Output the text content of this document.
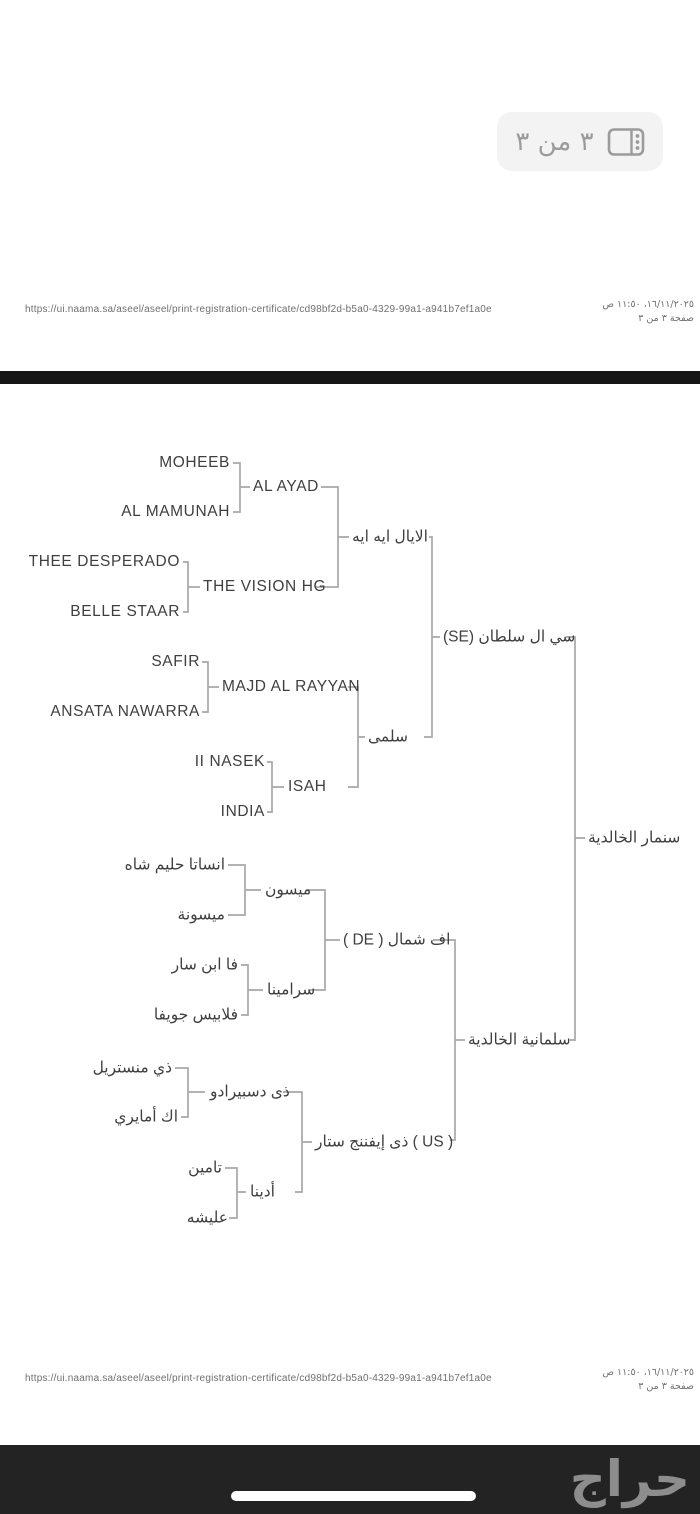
٣ من ٣
https://ui.naama.sa/aseel/aseel/print-registration-certificate/cd98bf2d-b5a0-4329-99a1-a941b7ef1a0e	١٦/١١/٢٠٢٥، ١١:٥٠ ص
صفحة ٣ من ٣
MOHEEB
AL MAMUNAH
AL AYAD
THEE DESPERADO
BELLE STAAR
THE VISION HG
الايال ايه ايه
SAFIR
ANSATA NAWARRA
MAJD AL RAYYAN
II NASEK
INDIA
ISAH
سلمى
سي ال سلطان (SE)
انساتا حليم شاه
ميسونة
ميسون
فا ابن سار
فلابيس جويفا
سرامينا
اف شمال ( DE )
ذي منستريل
اك أمايري
ذى دسبيرادو
تامين
عليشه
أدينا
( US ) ذى إيفننج ستار
سلمانية الخالدية
سنمار الخالدية
https://ui.naama.sa/aseel/aseel/print-registration-certificate/cd98bf2d-b5a0-4329-99a1-a941b7ef1a0e
١٦/١١/٢٠٢٥، ١١:٥٠ ص
صفحة ٣ من ٣
حراج
